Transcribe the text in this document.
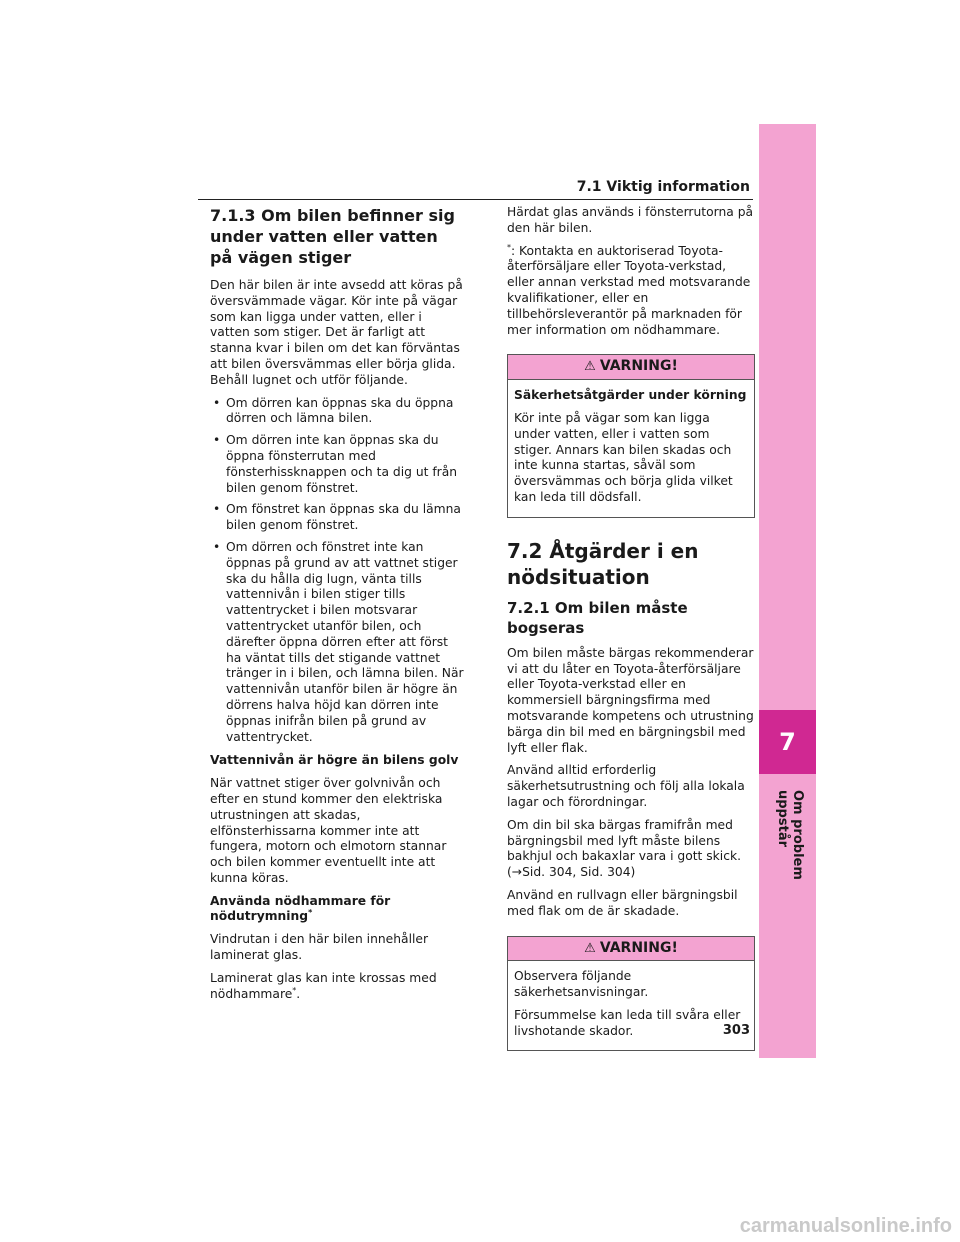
7.1 Viktig information
7
Om problem uppstår
7.1.3 Om bilen befinner sig under vatten eller vatten på vägen stiger

Den här bilen är inte avsedd att köras på översvämmade vägar. Kör inte på vägar som kan ligga under vatten, eller i vatten som stiger. Det är farligt att stanna kvar i bilen om det kan förväntas att bilen översvämmas eller börja glida. Behåll lugnet och utför följande.

• Om dörren kan öppnas ska du öppna dörren och lämna bilen.
• Om dörren inte kan öppnas ska du öppna fönsterrutan med fönsterhissknappen och ta dig ut från bilen genom fönstret.
• Om fönstret kan öppnas ska du lämna bilen genom fönstret.
• Om dörren och fönstret inte kan öppnas på grund av att vattnet stiger ska du hålla dig lugn, vänta tills vattennivån i bilen stiger tills vattentrycket i bilen motsvarar vattentrycket utanför bilen, och därefter öppna dörren efter att först ha väntat tills det stigande vattnet tränger in i bilen, och lämna bilen. När vattennivån utanför bilen är högre än dörrens halva höjd kan dörren inte öppnas inifrån bilen på grund av vattentrycket.

Vattennivån är högre än bilens golv

När vattnet stiger över golvnivån och efter en stund kommer den elektriska utrustningen att skadas, elfönsterhissarna kommer inte att fungera, motorn och elmotorn stannar och bilen kommer eventuellt inte att kunna köras.

Använda nödhammare för nödutrymning*

Vindrutan i den här bilen innehåller laminerat glas.

Laminerat glas kan inte krossas med nödhammare*.

Härdat glas används i fönsterrutorna på den här bilen.

*: Kontakta en auktoriserad Toyota-återförsäljare eller Toyota-verkstad, eller annan verkstad med motsvarande kvalifikationer, eller en tillbehörsleverantör på marknaden för mer information om nödhammare.

⚠ VARNING!

Säkerhetsåtgärder under körning

Kör inte på vägar som kan ligga under vatten, eller i vatten som stiger. Annars kan bilen skadas och inte kunna startas, såväl som översvämmas och börja glida vilket kan leda till dödsfall.

7.2 Åtgärder i en nödsituation
7.2.1 Om bilen måste bogseras

Om bilen måste bärgas rekommenderar vi att du låter en Toyota-återförsäljare eller Toyota-verkstad eller en kommersiell bärgningsfirma med motsvarande kompetens och utrustning bärga din bil med en bärgningsbil med lyft eller flak.

Använd alltid erforderlig säkerhetsutrustning och följ alla lokala lagar och förordningar.

Om din bil ska bärgas framifrån med bärgningsbil med lyft måste bilens bakhjul och bakaxlar vara i gott skick. (→Sid. 304, Sid. 304)

Använd en rullvagn eller bärgningsbil med flak om de är skadade.

⚠ VARNING!

Observera följande säkerhetsanvisningar.

Försummelse kan leda till svåra eller livshotande skador.	303
carmanualsonline.info
